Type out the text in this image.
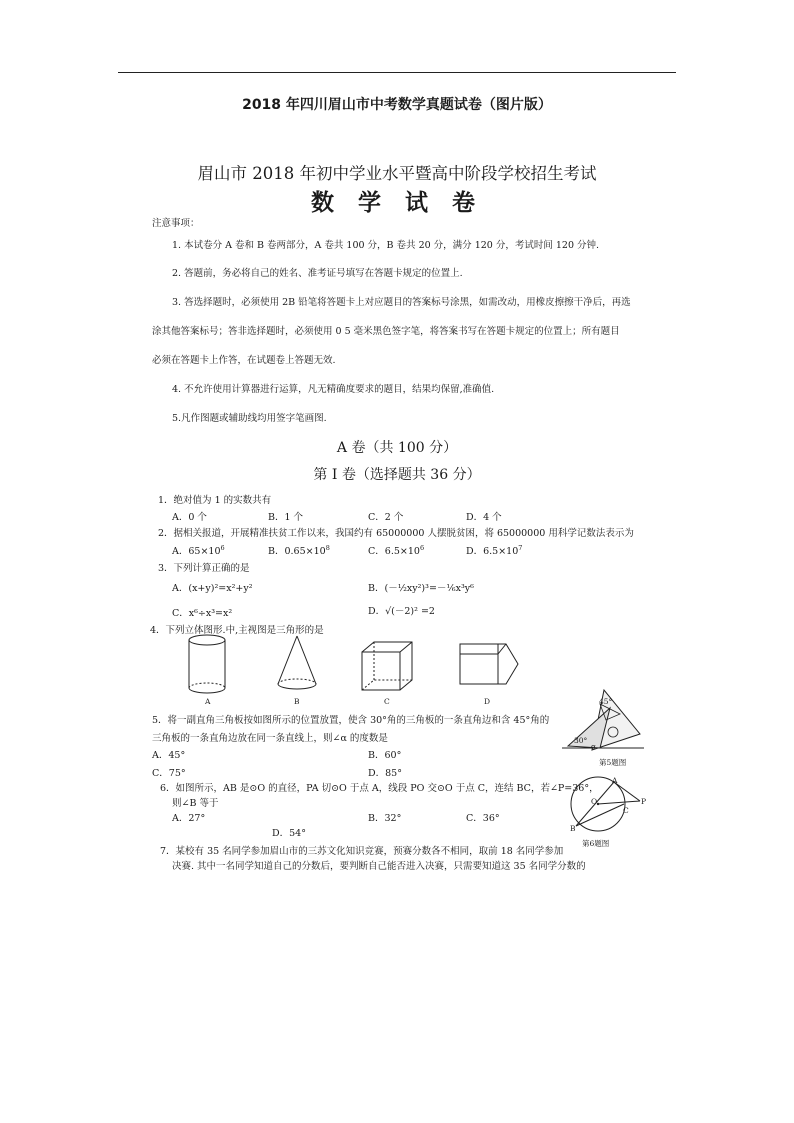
2018 年四川眉山市中考数学真题试卷（图片版）
眉山市 2018 年初中学业水平暨高中阶段学校招生考试
数 学 试 卷
注意事项：
1. 本试卷分 A 卷和 B 卷两部分，A 卷共 100 分，B 卷共 20 分，满分 120 分，考试时间 120 分钟.
2. 答题前，务必将自己的姓名、准考证号填写在答题卡规定的位置上.
3. 答选择题时，必须使用 2B 铅笔将答题卡上对应题目的答案标号涂黑，如需改动，用橡皮擦擦干净后，再选
涂其他答案标号；答非选择题时，必须使用 0 5 毫米黑色签字笔，将答案书写在答题卡规定的位置上；所有题目
必须在答题卡上作答，在试题卷上答题无效.
4. 不允许使用计算器进行运算，凡无精确度要求的题目，结果均保留,准确值.
5.凡作图题或辅助线均用签字笔画图.
A 卷（共 100 分）
第 Ⅰ 卷（选择题共 36 分）
1．绝对值为 1 的实数共有
A．0 个	B．1 个	C．2 个	D．4 个
2．据相关报道，开展精准扶贫工作以来，我国约有 65000000 人摆脱贫困，将 65000000 用科学记数法表示为
A．$65\times 10^6$	B．$0.65\times 10^8$	C．$6.5\times 10^6$	D．$6.5\times 10^7$
3．下列计算正确的是
A．(x+y)²=x²+y²	B．(－½xy²)³=－⅙x³y⁶
C．x⁶÷x³=x²	D．√(－2)² =2
4．下列立体图形.中,主视图是三角形的是
A	B	C	D
5．将一副直角三角板按如图所示的位置放置，使含 30°角的三角板的一条直角边和含 45°角的
三角板的一条直角边放在同一条直线上，则∠α 的度数是
A．45°	B．60°
C．75°	D．85°
45°
30°
α
第5题图
6．如图所示，AB 是⊙O 的直径，PA 切⊙O 于点 A，线段 PO 交⊙O 于点 C，连结 BC，若∠P=36°，
则∠B 等于
A．27°	B．32°	C．36°
D．54°
A
O	P
C
B
第6题图
7．某校有 35 名同学参加眉山市的三苏文化知识竞赛，预赛分数各不相同，取前 18 名同学参加
决赛. 其中一名同学知道自己的分数后，要判断自己能否进入决赛，只需要知道这 35 名同学分数的
